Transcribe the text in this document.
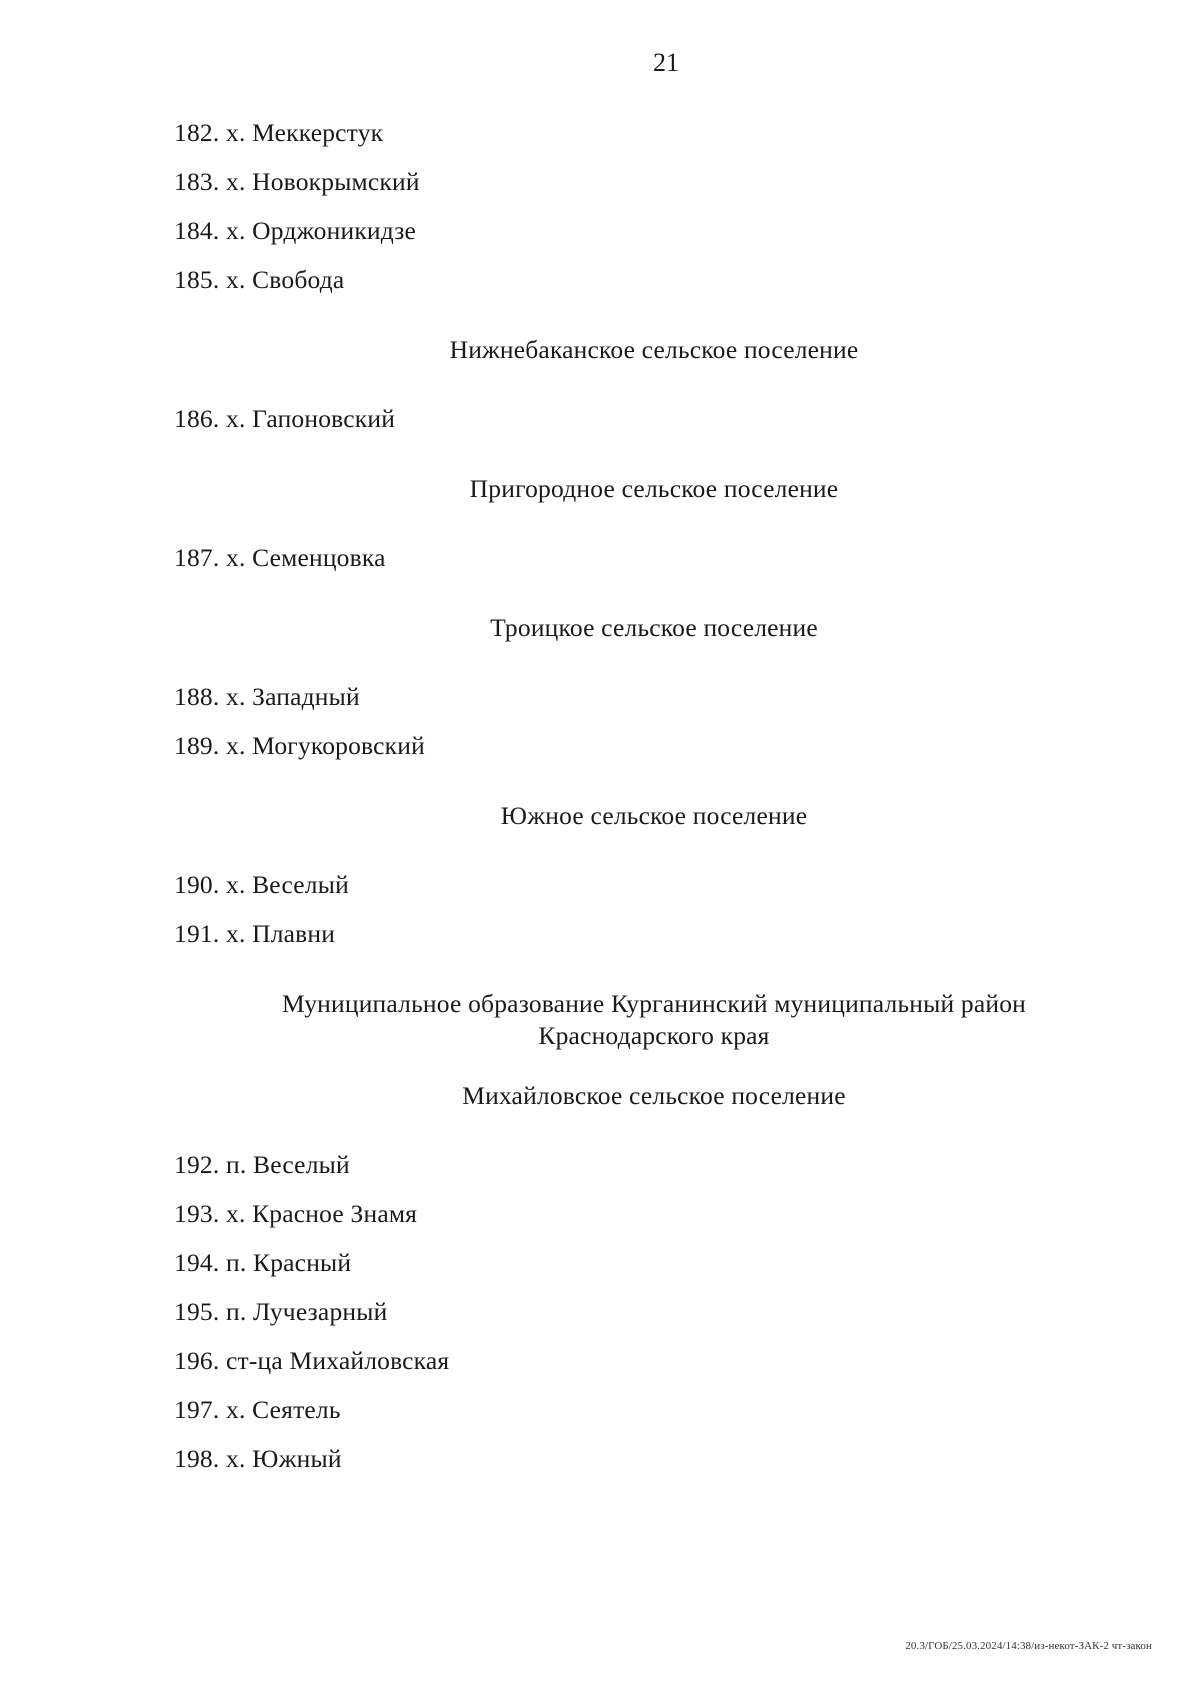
21
182. х. Меккерстук
183. х. Новокрымский
184. х. Орджоникидзе
185. х. Свобода
Нижнебаканское сельское поселение
186. х. Гапоновский
Пригородное сельское поселение
187. х. Семенцовка
Троицкое сельское поселение
188. х. Западный
189. х. Могукоровский
Южное сельское поселение
190. х. Веселый
191. х. Плавни
Муниципальное образование Курганинский муниципальный район
Краснодарского края
Михайловское сельское поселение
192. п. Веселый
193. х. Красное Знамя
194. п. Красный
195. п. Лучезарный
196. ст-ца Михайловская
197. х. Сеятель
198. х. Южный
20.3/ГОБ/25.03.2024/14:38/из-некот-ЗАК-2 чт-закон
